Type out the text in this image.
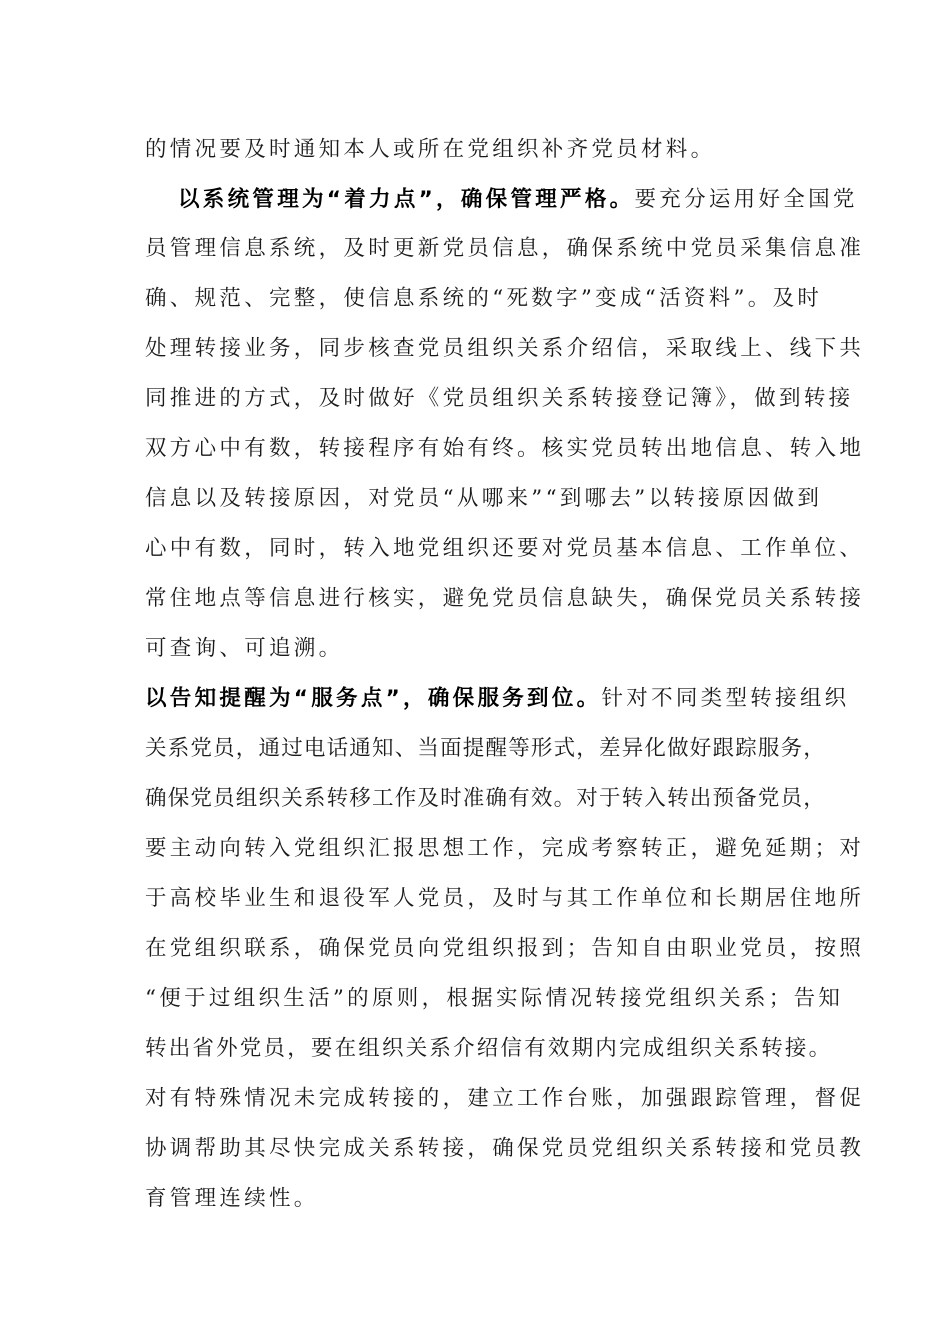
的情况要及时通知本人或所在党组织补齐党员材料。
以系统管理为“着力点”，确保管理严格。要充分运用好全国党
员管理信息系统，及时更新党员信息，确保系统中党员采集信息准
确、规范、完整，使信息系统的“死数字”变成“活资料”。及时
处理转接业务，同步核查党员组织关系介绍信，采取线上、线下共
同推进的方式，及时做好《党员组织关系转接登记簿》，做到转接
双方心中有数，转接程序有始有终。核实党员转出地信息、转入地
信息以及转接原因，对党员“从哪来”“到哪去”以转接原因做到
心中有数，同时，转入地党组织还要对党员基本信息、工作单位、
常住地点等信息进行核实，避免党员信息缺失，确保党员关系转接
可查询、可追溯。
以告知提醒为“服务点”，确保服务到位。针对不同类型转接组织
关系党员，通过电话通知、当面提醒等形式，差异化做好跟踪服务，
确保党员组织关系转移工作及时准确有效。对于转入转出预备党员，
要主动向转入党组织汇报思想工作，完成考察转正，避免延期；对
于高校毕业生和退役军人党员，及时与其工作单位和长期居住地所
在党组织联系，确保党员向党组织报到；告知自由职业党员，按照
“便于过组织生活”的原则，根据实际情况转接党组织关系；告知
转出省外党员，要在组织关系介绍信有效期内完成组织关系转接。
对有特殊情况未完成转接的，建立工作台账，加强跟踪管理，督促
协调帮助其尽快完成关系转接，确保党员党组织关系转接和党员教
育管理连续性。
